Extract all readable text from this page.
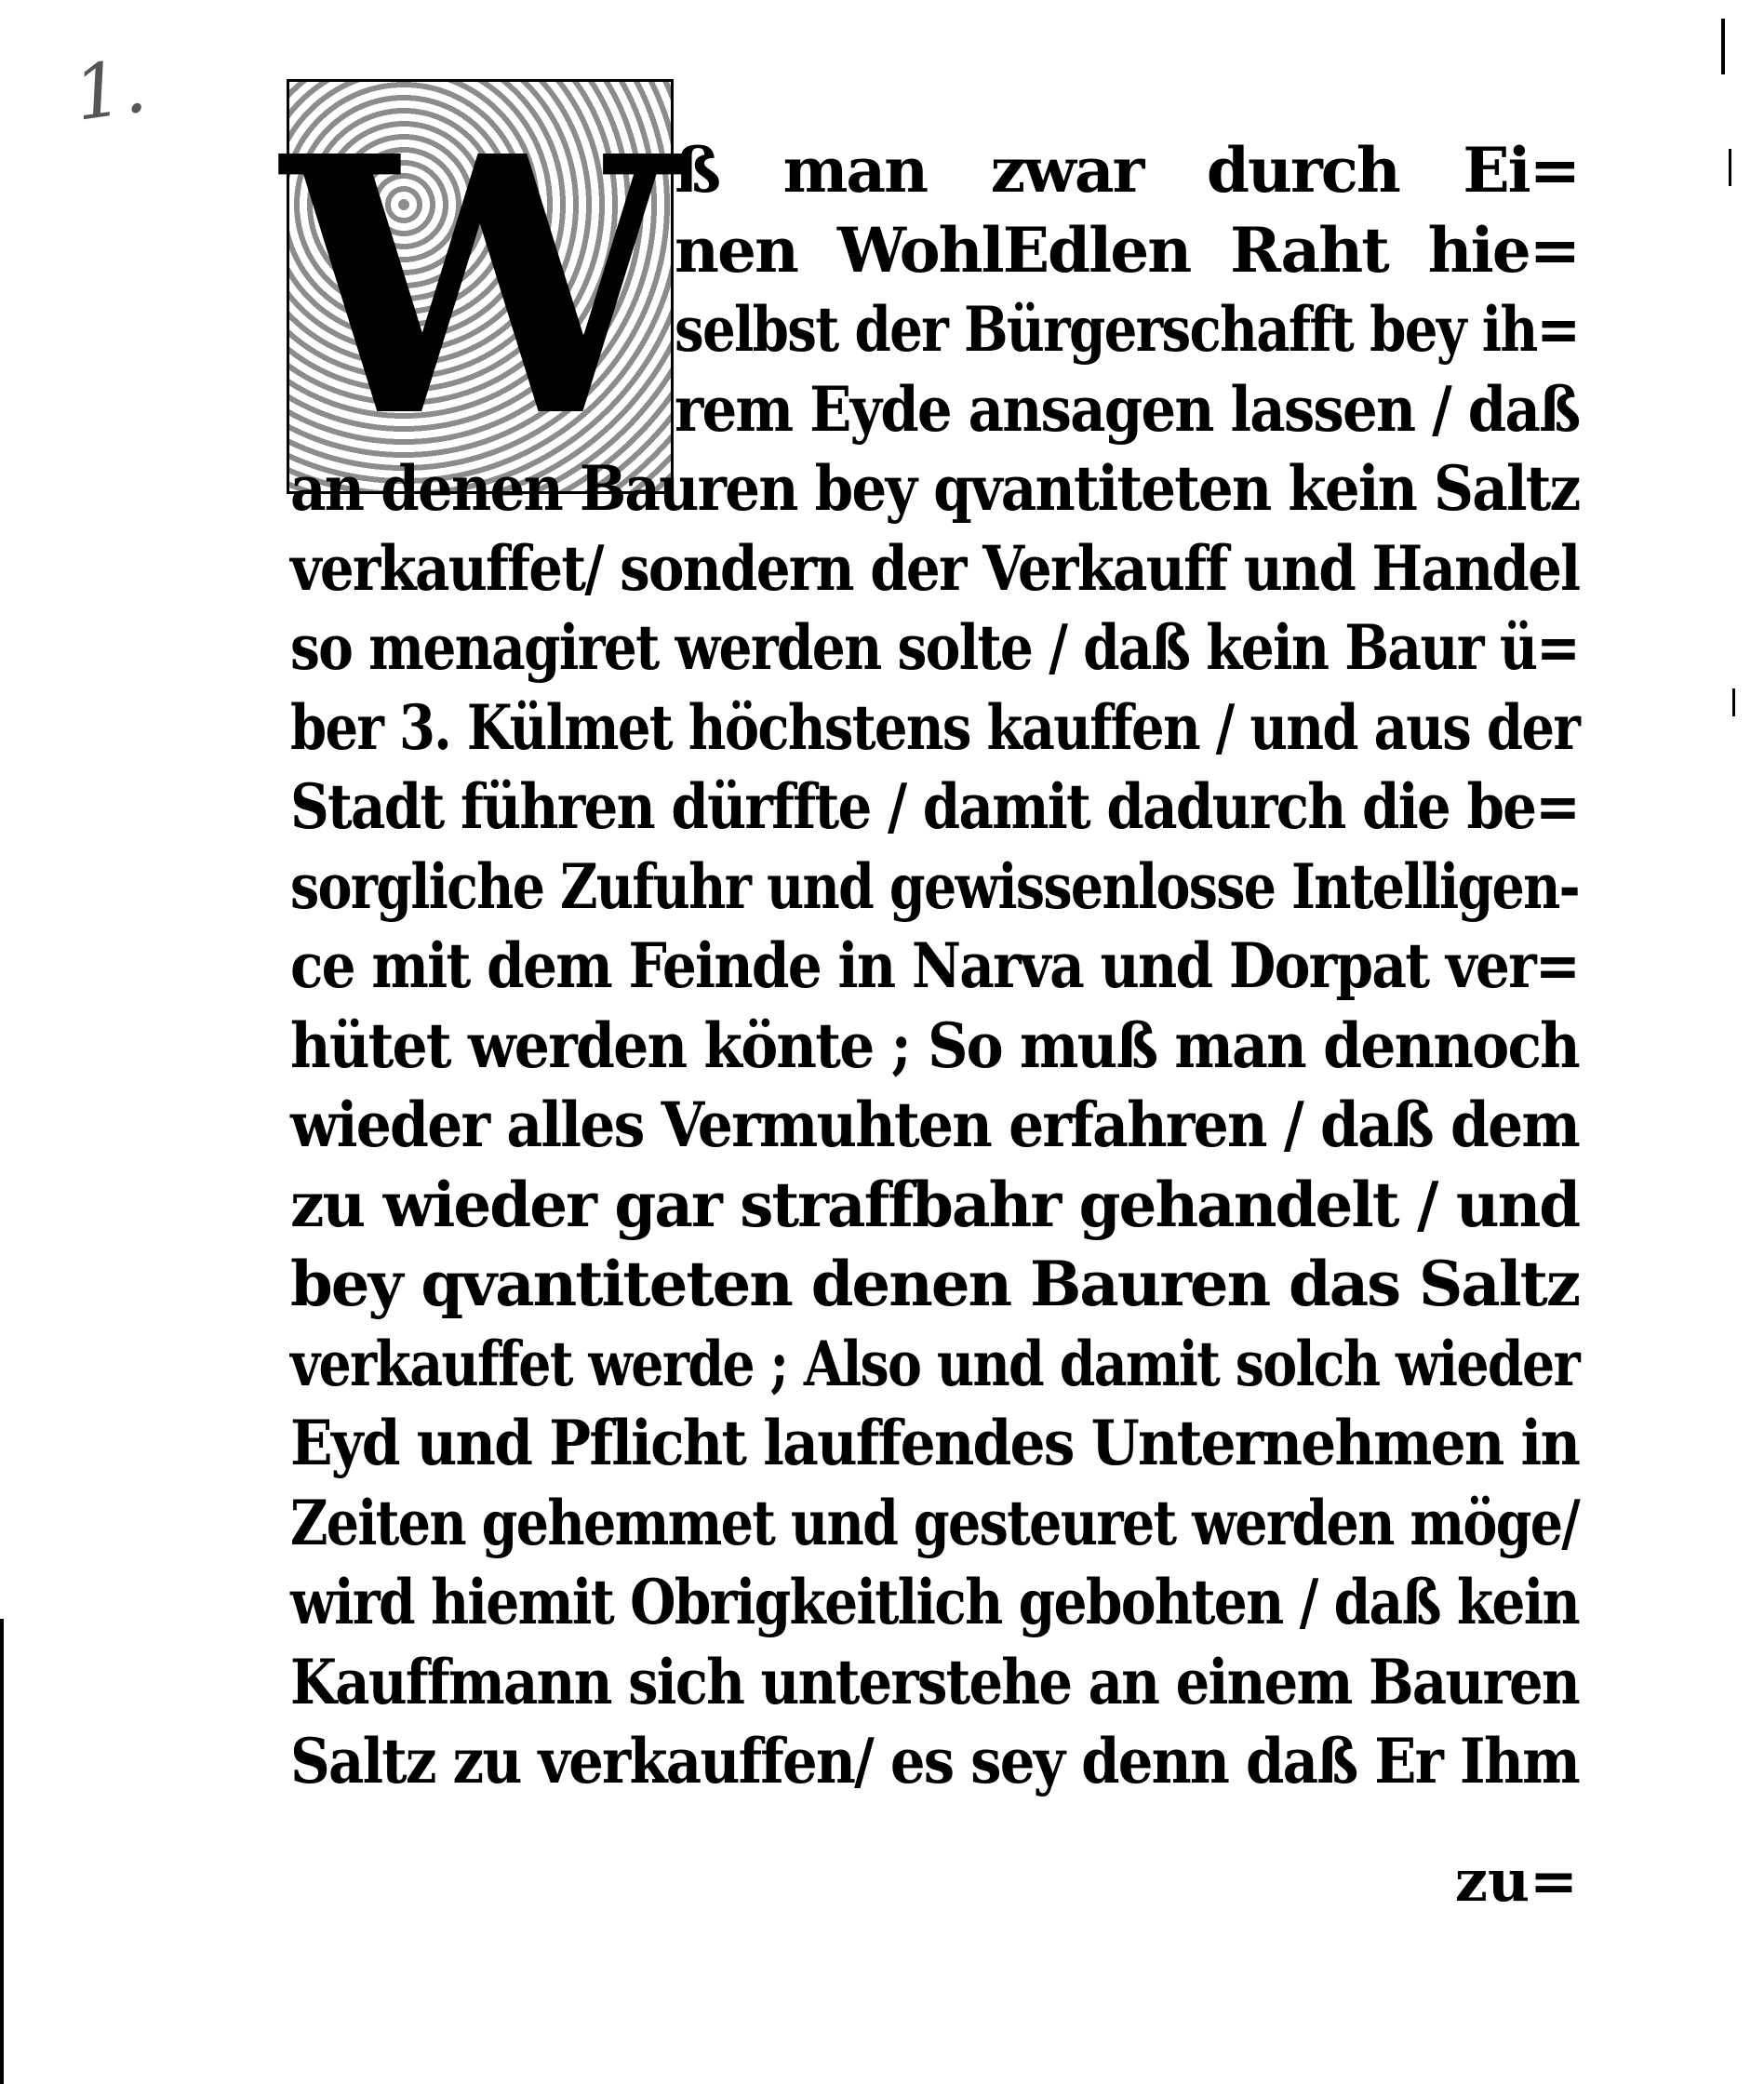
1. W
ß man zwar durch Ei=
nen WohlEdlen Raht hie=
selbst der Bürgerschafft bey ih=
rem Eyde ansagen lassen / daß
an denen Bauren bey qvantiteten kein Saltz
verkauffet/ sondern der Verkauff und Handel
so menagiret werden solte / daß kein Baur ü=
ber 3. Külmet höchstens kauffen / und aus der
Stadt führen dürffte / damit dadurch die be=
sorgliche Zufuhr und gewissenlosse Intelligen-
ce mit dem Feinde in Narva und Dorpat ver=
hütet werden könte ; So muß man dennoch
wieder alles Vermuhten erfahren / daß dem
zu wieder gar straffbahr gehandelt / und
bey qvantiteten denen Bauren das Saltz
verkauffet werde ; Also und damit solch wieder
Eyd und Pflicht lauffendes Unternehmen in
Zeiten gehemmet und gesteuret werden möge/
wird hiemit Obrigkeitlich gebohten / daß kein
Kauffmann sich unterstehe an einem Bauren
Saltz zu verkauffen/ es sey denn daß Er Ihm
zu=
